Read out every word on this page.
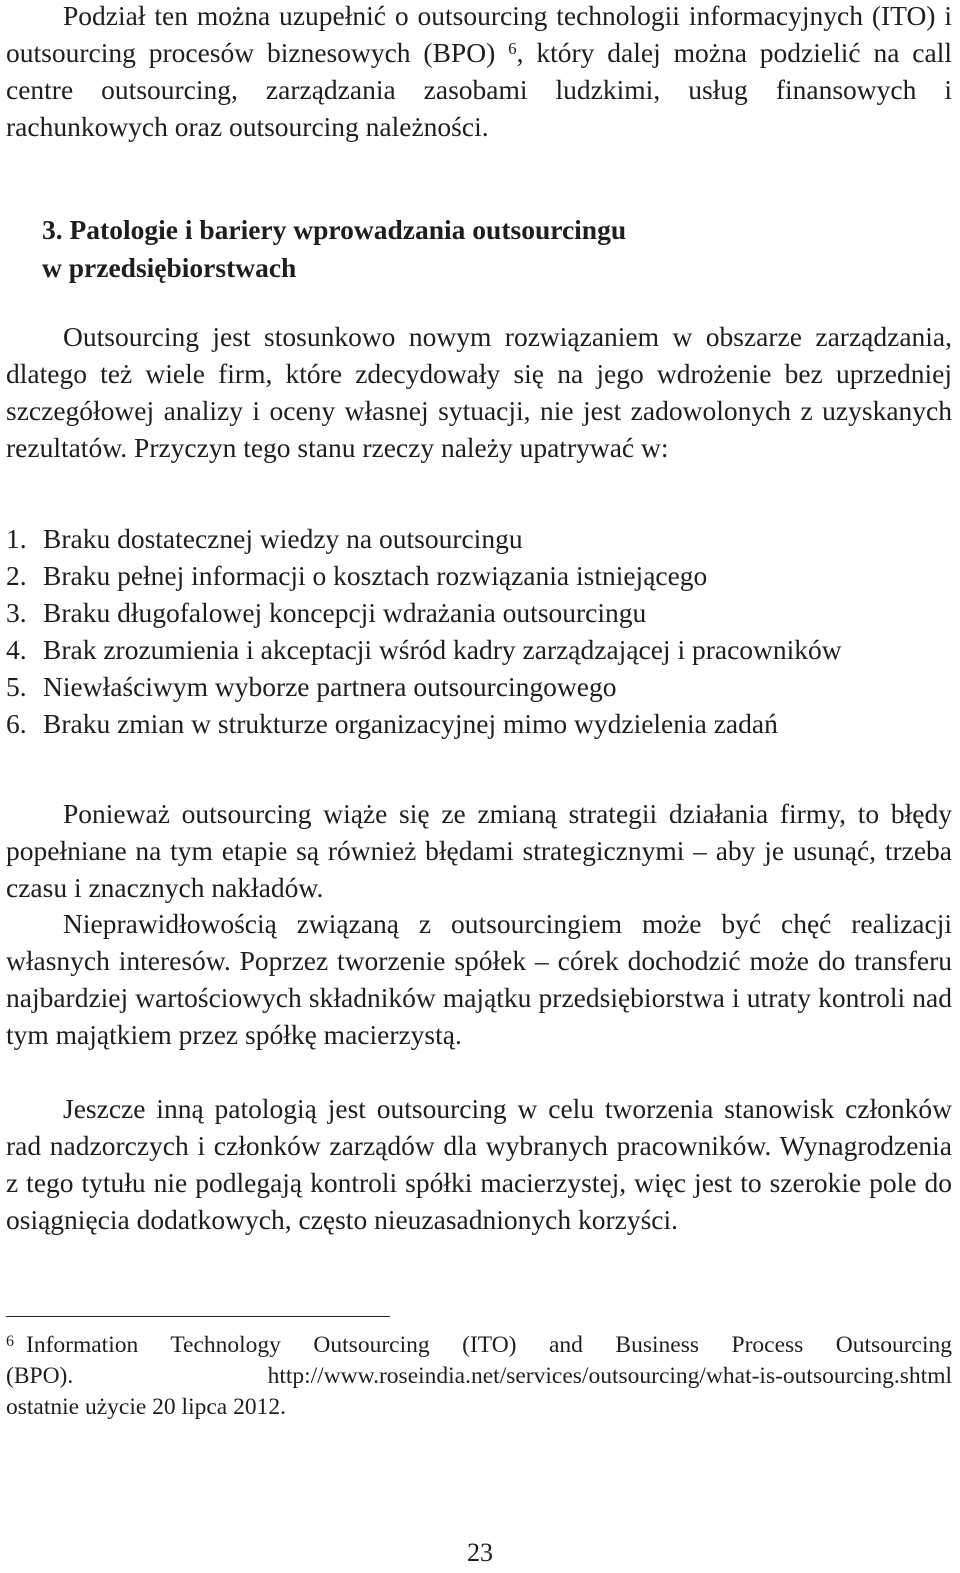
Podział ten można uzupełnić o outsourcing technologii informacyjnych (ITO) i outsourcing procesów biznesowych (BPO) $^6$, który dalej można podzielić na call centre outsourcing, zarządzania zasobami ludzkimi, usług finansowych i rachunkowych oraz outsourcing należności.

3. Patologie i bariery wprowadzania outsourcingu

w przedsiębiorstwach

Outsourcing jest stosunkowo nowym rozwiązaniem w obszarze zarządzania, dlatego też wiele firm, które zdecydowały się na jego wdrożenie bez uprzedniej szczegółowej analizy i oceny własnej sytuacji, nie jest zadowolonych z uzyskanych rezultatów. Przyczyn tego stanu rzeczy należy upatrywać w:

1. Braku dostatecznej wiedzy na outsourcingu
2. Braku pełnej informacji o kosztach rozwiązania istniejącego
3. Braku długofalowej koncepcji wdrażania outsourcingu
4. Brak zrozumienia i akceptacji wśród kadry zarządzającej i pracowników
5. Niewłaściwym wyborze partnera outsourcingowego
6. Braku zmian w strukturze organizacyjnej mimo wydzielenia zadań

Ponieważ outsourcing wiąże się ze zmianą strategii działania firmy, to błędy popełniane na tym etapie są również błędami strategicznymi – aby je usunąć, trzeba czasu i znacznych nakładów.

Nieprawidłowością związaną z outsourcingiem może być chęć realizacji własnych interesów. Poprzez tworzenie spółek – córek dochodzić może do transferu najbardziej wartościowych składników majątku przedsiębiorstwa i utraty kontroli nad tym majątkiem przez spółkę macierzystą.

Jeszcze inną patologią jest outsourcing w celu tworzenia stanowisk członków rad nadzorczych i członków zarządów dla wybranych pracowników. Wynagrodzenia z tego tytułu nie podlegają kontroli spółki macierzystej, więc jest to szerokie pole do osiągnięcia dodatkowych, często nieuzasadnionych korzyści.

$^6$ Information Technology Outsourcing (ITO) and Business Process Outsourcing
(BPO).	http://www.roseindia.net/services/outsourcing/what-is-outsourcing.shtml
ostatnie użycie 20 lipca 2012.
23
